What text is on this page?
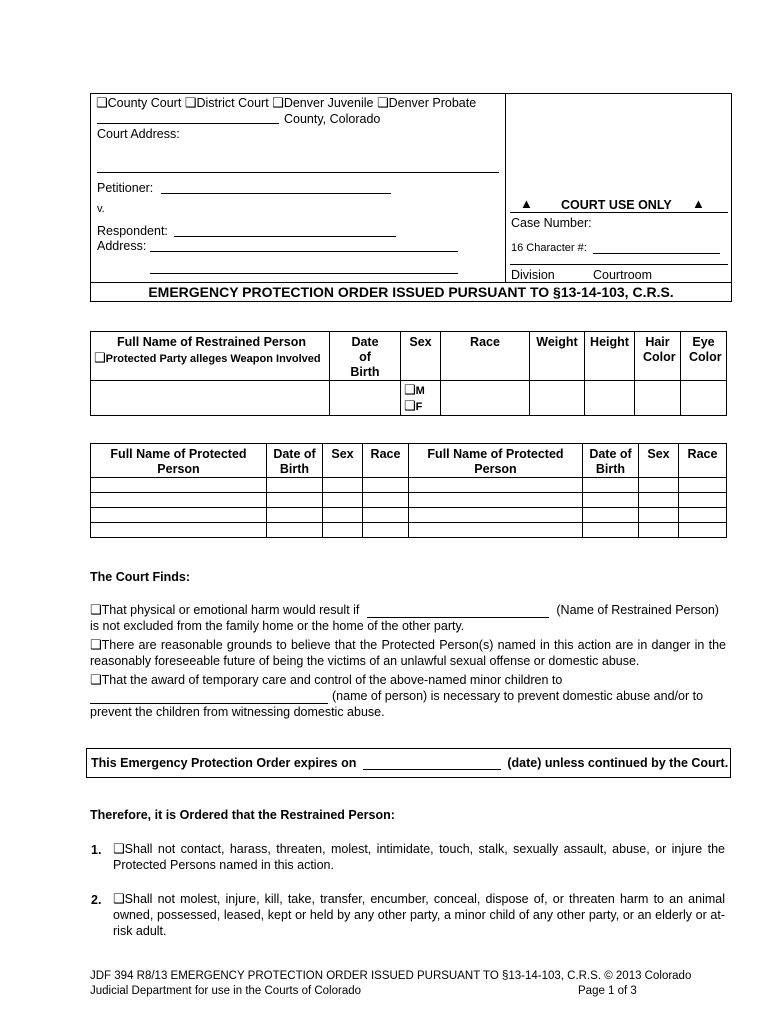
❑County Court ❑District Court ❑Denver Juvenile ❑Denver Probate
County, Colorado
Court Address:
Petitioner:
v.
Respondent:
Address:
▲ COURT USE ONLY ▲
Case Number:
16 Character #:
Division	Courtroom
EMERGENCY PROTECTION ORDER ISSUED PURSUANT TO §13-14-103, C.R.S.
Full Name of Restrained Person
❑Protected Party alleges Weapon Involved	Date of Birth	Sex	Race	Weight	Height	Hair Color	Eye Color

		❑M
❑F					

Full Name of Protected Person	Date of Birth	Sex	Race	Full Name of Protected Person	Date of Birth	Sex	Race

The Court Finds:
❑That physical or emotional harm would result if	(Name of Restrained Person)
is not excluded from the family home or the home of the other party.
❑There are reasonable grounds to believe that the Protected Person(s) named in this action are in danger in the reasonably foreseeable future of being the victims of an unlawful sexual offense or domestic abuse.
❑That the award of temporary care and control of the above-named minor children to
(name of person) is necessary to prevent domestic abuse and/or to
prevent the children from witnessing domestic abuse.
This Emergency Protection Order expires on	(date) unless continued by the Court.
Therefore, it is Ordered that the Restrained Person:
1. ❑Shall not contact, harass, threaten, molest, intimidate, touch, stalk, sexually assault, abuse, or injure the Protected Persons named in this action.
2. ❑Shall not molest, injure, kill, take, transfer, encumber, conceal, dispose of, or threaten harm to an animal owned, possessed, leased, kept or held by any other party, a minor child of any other party, or an elderly or at-risk adult.
JDF 394 R8/13 EMERGENCY PROTECTION ORDER ISSUED PURSUANT TO §13-14-103, C.R.S. © 2013 Colorado
Judicial Department for use in the Courts of Colorado	Page 1 of 3
